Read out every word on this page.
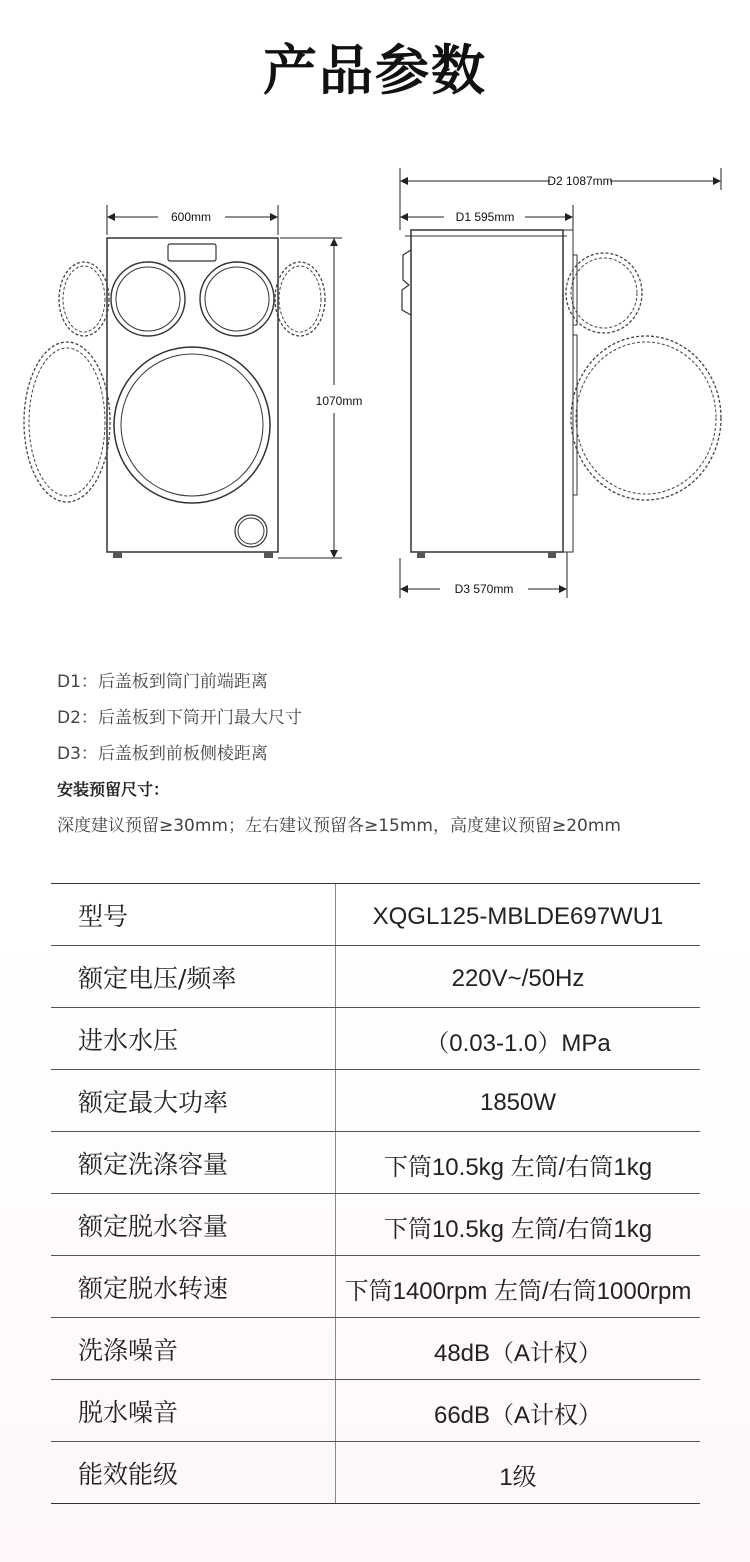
产品参数
600mm
1070mm
D2 1087mm
D1 595mm
D3 570mm
D1：后盖板到筒门前端距离
D2：后盖板到下筒开门最大尺寸
D3：后盖板到前板侧棱距离
安装预留尺寸：
深度建议预留≥30mm；左右建议预留各≥15mm，高度建议预留≥20mm
型号	XQGL125-MBLDE697WU1
额定电压/频率	220V~/50Hz
进水水压	（0.03-1.0）MPa
额定最大功率	1850W
额定洗涤容量	下筒10.5kg 左筒/右筒1kg
额定脱水容量	下筒10.5kg 左筒/右筒1kg
额定脱水转速	下筒1400rpm 左筒/右筒1000rpm
洗涤噪音	48dB（A计权）
脱水噪音	66dB（A计权）
能效能级	1级
